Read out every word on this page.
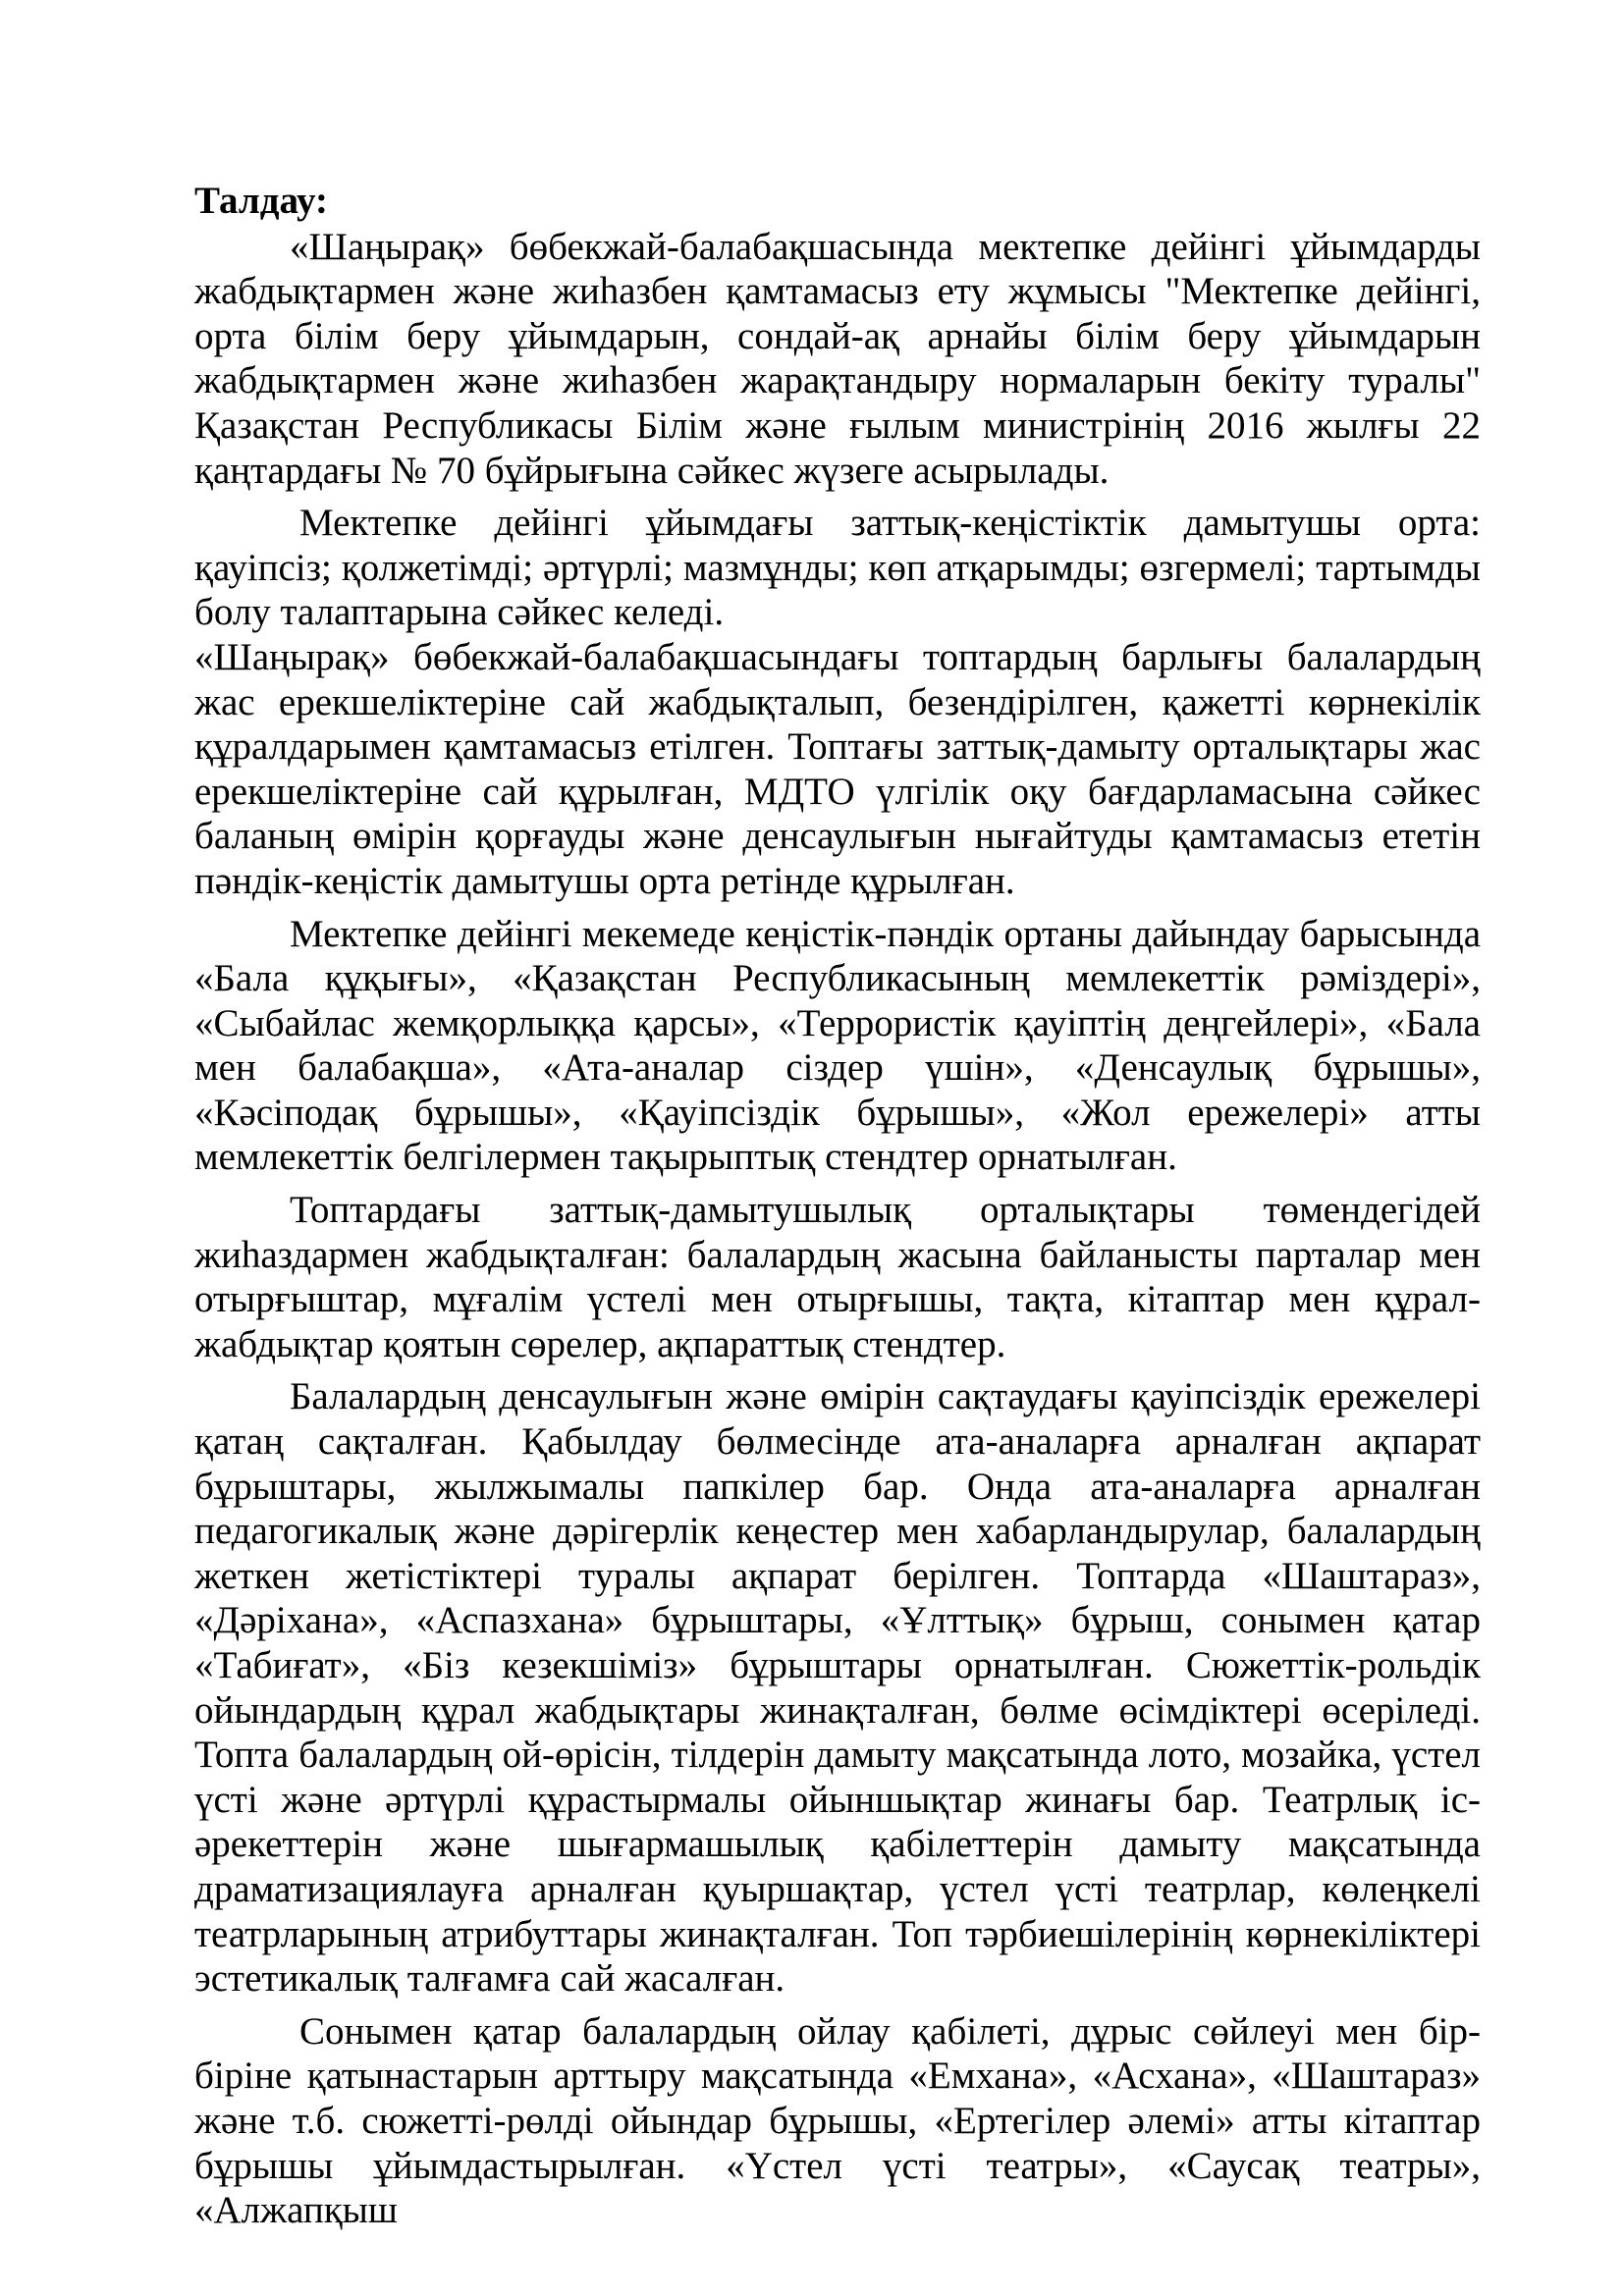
Талдау:

«Шаңырақ» бөбекжай-балабақшасында мектепке дейінгі ұйымдарды жабдықтармен және жиһазбен қамтамасыз ету жұмысы "Мектепке дейінгі, орта білім беру ұйымдарын, сондай-ақ арнайы білім беру ұйымдарын жабдықтармен және жиһазбен жарақтандыру нормаларын бекіту туралы" Қазақстан Республикасы Білім және ғылым министрінің 2016 жылғы 22 қаңтардағы № 70 бұйрығына сәйкес жүзеге асырылады.

Мектепке дейінгі ұйымдағы заттық-кеңістіктік дамытушы орта: қауіпсіз; қолжетімді; әртүрлі; мазмұнды; көп атқарымды; өзгермелі; тартымды болу талаптарына сәйкес келеді.

«Шаңырақ» бөбекжай-балабақшасындағы топтардың барлығы балалардың жас ерекшеліктеріне сай жабдықталып, безендірілген, қажетті көрнекілік құралдарымен қамтамасыз етілген. Топтағы заттық-дамыту орталықтары жас ерекшеліктеріне сай құрылған, МДТО үлгілік оқу бағдарламасына сәйкес баланың өмірін қорғауды және денсаулығын нығайтуды қамтамасыз ететін пәндік-кеңістік дамытушы орта ретінде құрылған.

Мектепке дейінгі мекемеде кеңістік-пәндік ортаны дайындау барысында «Бала құқығы», «Қазақстан Республикасының мемлекеттік рәміздері», «Сыбайлас жемқорлыққа қарсы», «Террористік қауіптің деңгейлері», «Бала мен балабақша», «Ата-аналар сіздер үшін», «Денсаулық бұрышы», «Кәсіподақ бұрышы», «Қауіпсіздік бұрышы», «Жол ережелері» атты мемлекеттік белгілермен тақырыптық стендтер орнатылған.

Топтардағы заттық-дамытушылық орталықтары төмендегідей жиһаздармен жабдықталған: балалардың жасына байланысты парталар мен отырғыштар, мұғалім үстелі мен отырғышы, тақта, кітаптар мен құрал-жабдықтар қоятын сөрелер, ақпараттық стендтер.

Балалардың денсаулығын және өмірін сақтаудағы қауіпсіздік ережелері қатаң сақталған. Қабылдау бөлмесінде ата-аналарға арналған ақпарат бұрыштары, жылжымалы папкілер бар. Онда ата-аналарға арналған педагогикалық және дәрігерлік кеңестер мен хабарландырулар, балалардың жеткен жетістіктері туралы ақпарат берілген. Топтарда «Шаштараз», «Дәріхана», «Аспазхана» бұрыштары, «Ұлттық» бұрыш, сонымен қатар «Табиғат», «Біз кезекшіміз» бұрыштары орнатылған. Сюжеттік-рольдік ойындардың құрал жабдықтары жинақталған, бөлме өсімдіктері өсеріледі. Топта балалардың ой-өрісін, тілдерін дамыту мақсатында лото, мозайка, үстел үсті және әртүрлі құрастырмалы ойыншықтар жинағы бар. Театрлық іс-әрекеттерін және шығармашылық қабілеттерін дамыту мақсатында драматизациялауға арналған қуыршақтар, үстел үсті театрлар, көлеңкелі театрларының атрибуттары жинақталған. Топ тәрбиешілерінің көрнекіліктері эстетикалық талғамға сай жасалған.

Сонымен қатар балалардың ойлау қабілеті, дұрыс сөйлеуі мен бір-біріне қатынастарын арттыру мақсатында «Емхана», «Асхана», «Шаштараз» және т.б. сюжетті-рөлді ойындар бұрышы, «Ертегілер әлемі» атты кітаптар бұрышы ұйымдастырылған. «Үстел үсті театры», «Саусақ театры», «Алжапқыш
